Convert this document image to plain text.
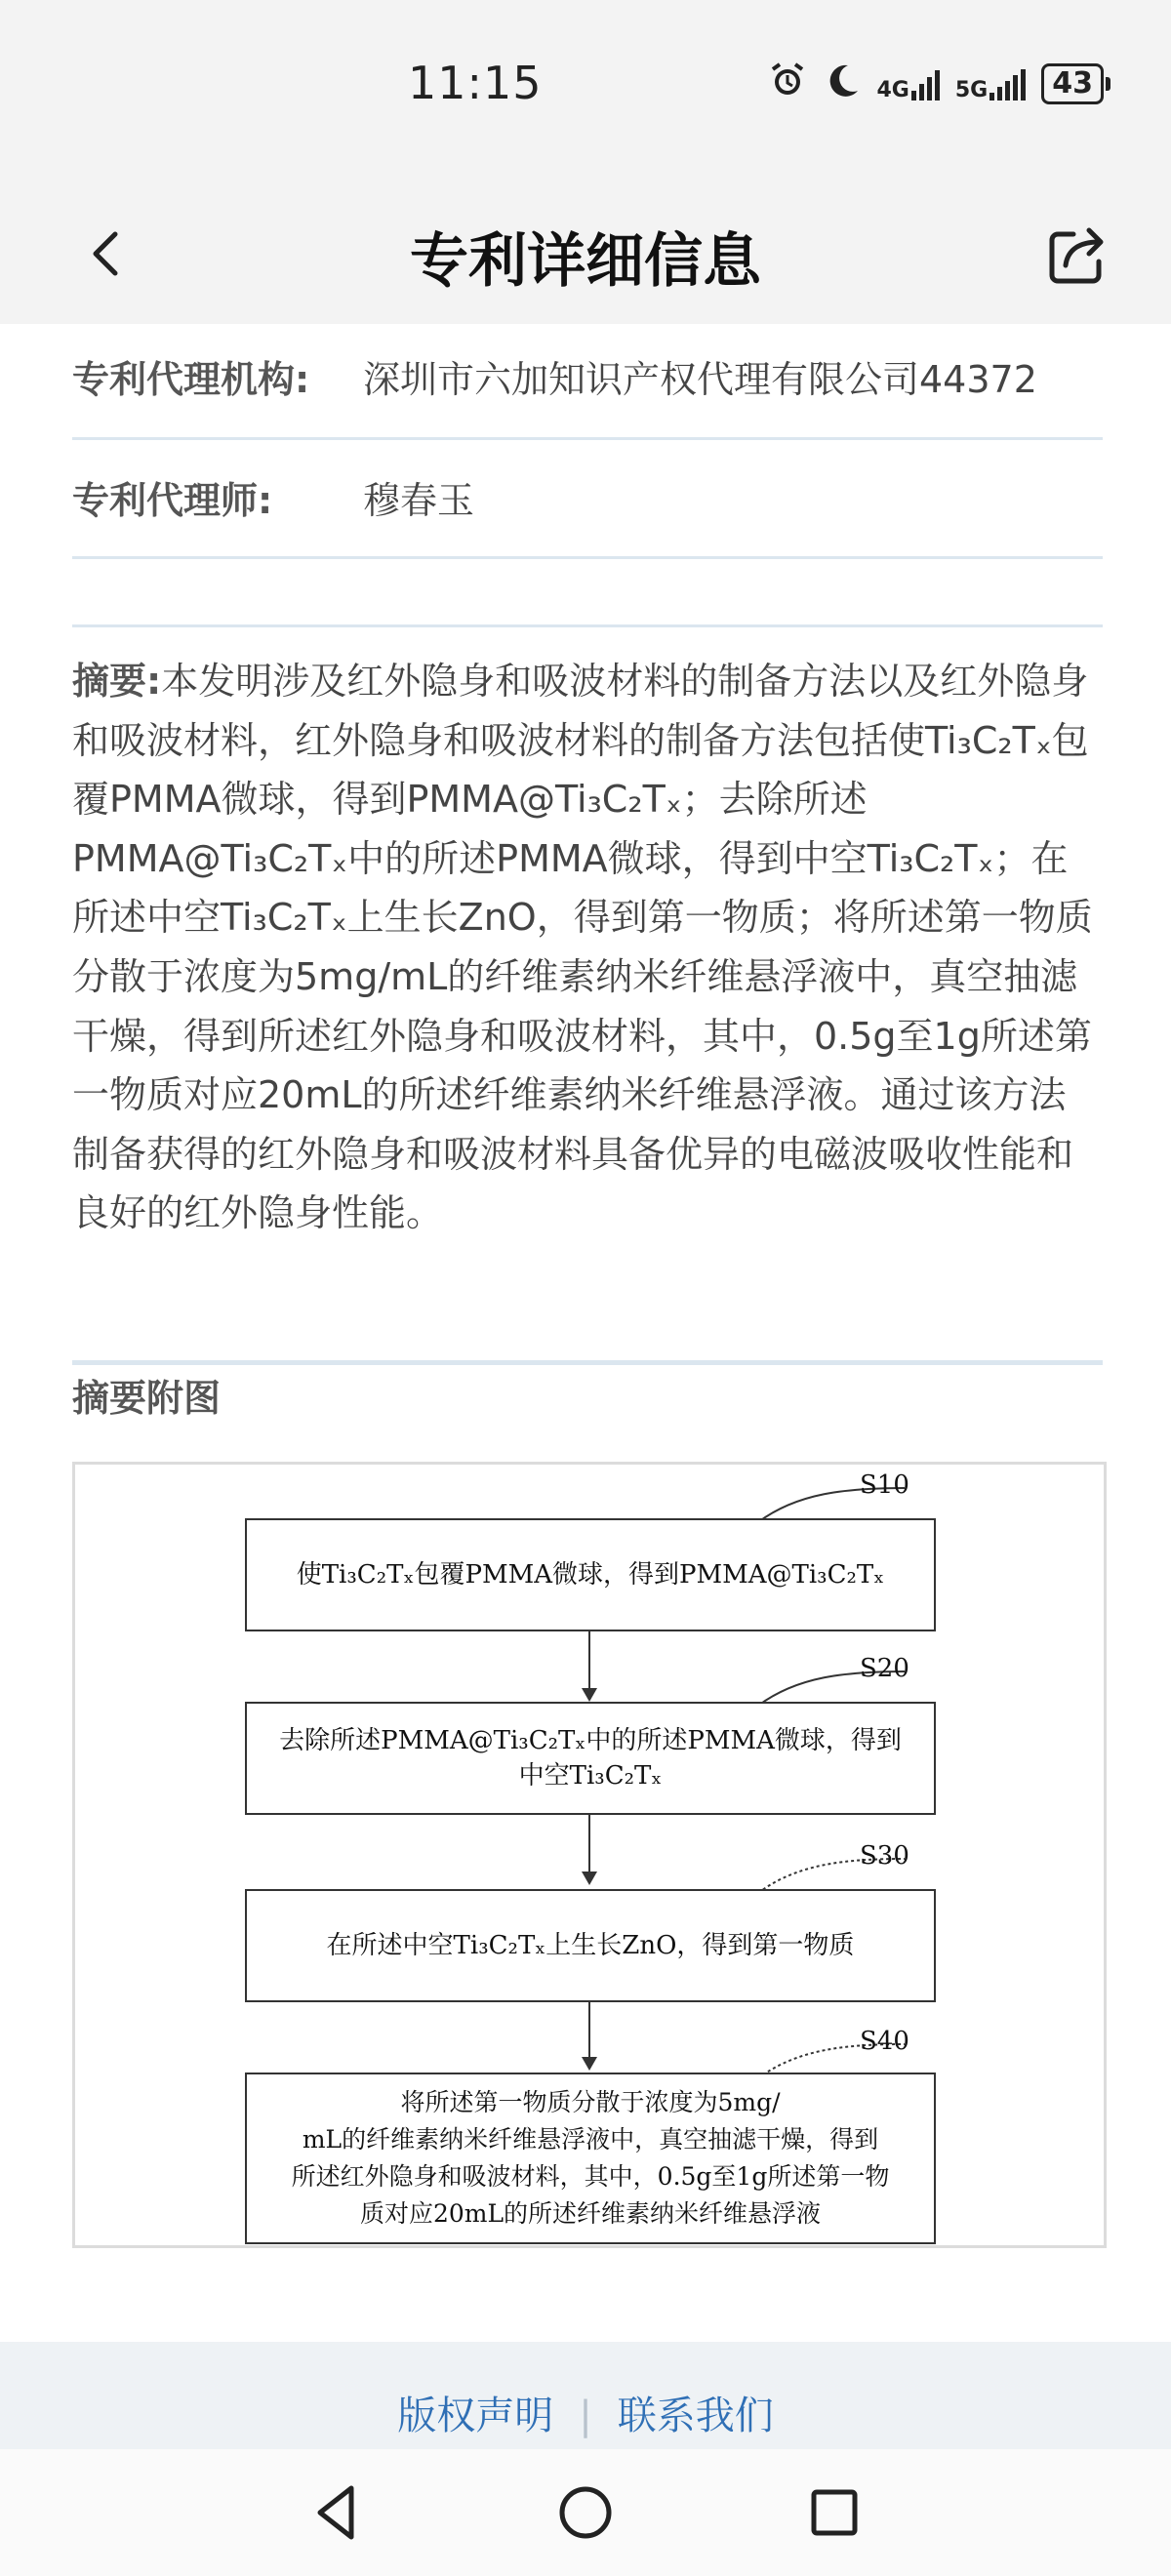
11:15	4G 5G	43
专利详细信息
专利代理机构: 深圳市六加知识产权代理有限公司44372
专利代理师: 穆春玉
摘要:本发明涉及红外隐身和吸波材料的制备方法以及红外隐身和吸波材料，红外隐身和吸波材料的制备方法包括使Ti₃C₂Tₓ包覆PMMA微球，得到PMMA@Ti₃C₂Tₓ；去除所述PMMA@Ti₃C₂Tₓ中的所述PMMA微球，得到中空Ti₃C₂Tₓ；在所述中空Ti₃C₂Tₓ上生长ZnO，得到第一物质；将所述第一物质分散于浓度为5mg/mL的纤维素纳米纤维悬浮液中，真空抽滤干燥，得到所述红外隐身和吸波材料，其中，0.5g至1g所述第一物质对应20mL的所述纤维素纳米纤维悬浮液。通过该方法制备获得的红外隐身和吸波材料具备优异的电磁波吸收性能和良好的红外隐身性能。
摘要附图
S10
使Ti₃C₂Tₓ包覆PMMA微球，得到PMMA@Ti₃C₂Tₓ
S20
去除所述PMMA@Ti₃C₂Tₓ中的所述PMMA微球，得到
中空Ti₃C₂Tₓ
S30
在所述中空Ti₃C₂Tₓ上生长ZnO，得到第一物质
S40
将所述第一物质分散于浓度为5mg/
mL的纤维素纳米纤维悬浮液中，真空抽滤干燥，得到
所述红外隐身和吸波材料，其中，0.5g至1g所述第一物
质对应20mL的所述纤维素纳米纤维悬浮液
版权声明 | 联系我们
